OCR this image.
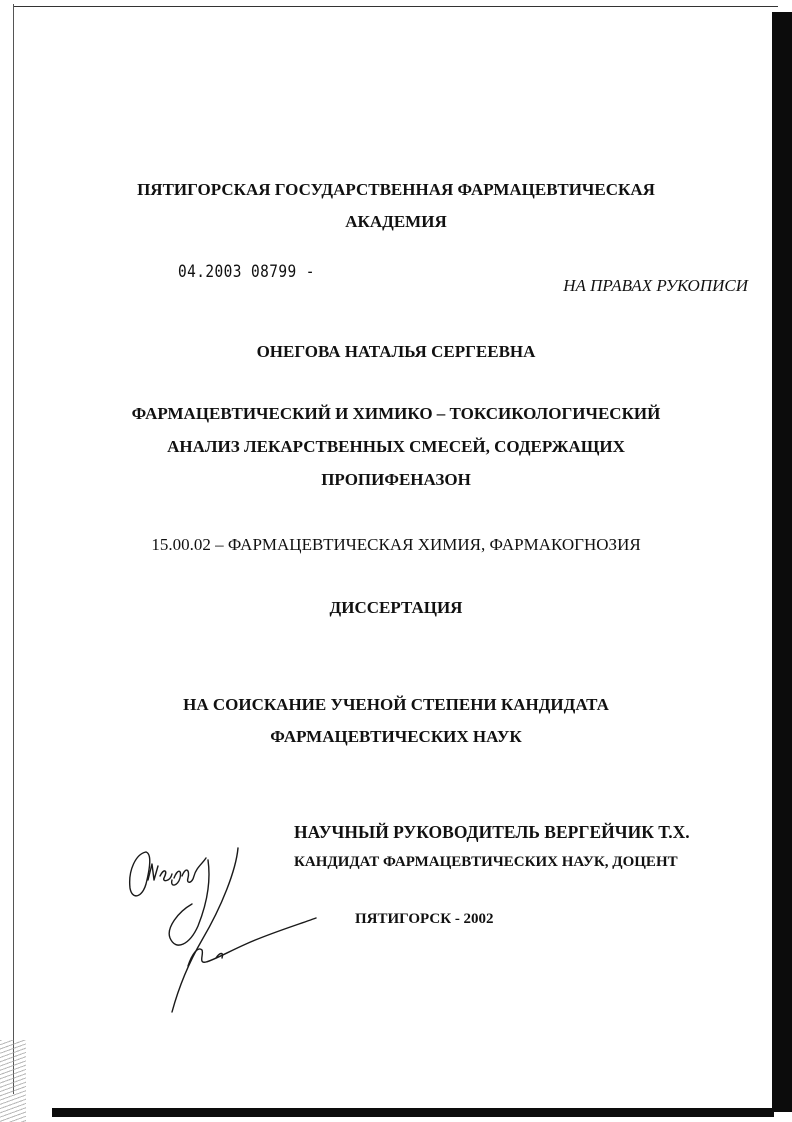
ПЯТИГОРСКАЯ ГОСУДАРСТВЕННАЯ ФАРМАЦЕВТИЧЕСКАЯ
АКАДЕМИЯ
04.2003 08799 -
НА ПРАВАХ РУКОПИСИ
ОНЕГОВА НАТАЛЬЯ СЕРГЕЕВНА
ФАРМАЦЕВТИЧЕСКИЙ И ХИМИКО – ТОКСИКОЛОГИЧЕСКИЙ
АНАЛИЗ ЛЕКАРСТВЕННЫХ СМЕСЕЙ, СОДЕРЖАЩИХ
ПРОПИФЕНАЗОН
15.00.02 – ФАРМАЦЕВТИЧЕСКАЯ ХИМИЯ, ФАРМАКОГНОЗИЯ
ДИССЕРТАЦИЯ
НА СОИСКАНИЕ УЧЕНОЙ СТЕПЕНИ КАНДИДАТА
ФАРМАЦЕВТИЧЕСКИХ НАУК
НАУЧНЫЙ РУКОВОДИТЕЛЬ ВЕРГЕЙЧИК Т.Х.
КАНДИДАТ ФАРМАЦЕВТИЧЕСКИХ НАУК, ДОЦЕНТ
ПЯТИГОРСК - 2002
